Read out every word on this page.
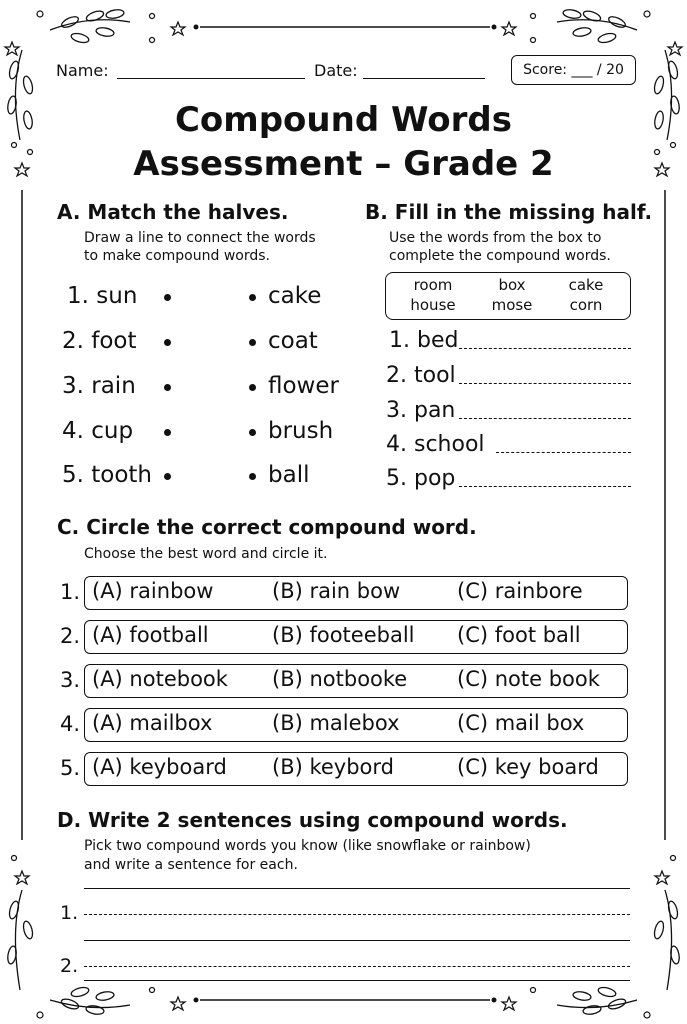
Name:	Date:	Score: ___ / 20
Compound Words
Assessment – Grade 2
A. Match the halves.
Draw a line to connect the words
to make compound words.
1. sun
2. foot
3. rain
4. cup
5. tooth
cake
coat
flower
brush
ball
B. Fill in the missing half.
Use the words from the box to
complete the compound words.
room	box	cake
house	mose	corn
1. bed
2. tool
3. pan
4. school
5. pop
C. Circle the correct compound word.
Choose the best word and circle it.
1. (A) rainbow	(B) rain bow	(C) rainbore
2. (A) football	(B) footeeball (C) foot ball
3. (A) notebook (B) notbooke (C) note book
4. (A) mailbox	(B) malebox	(C) mail box
5. (A) keyboard (B) keybord	(C) key board
D. Write 2 sentences using compound words.
Pick two compound words you know (like snowflake or rainbow)
and write a sentence for each.
1.
2.
